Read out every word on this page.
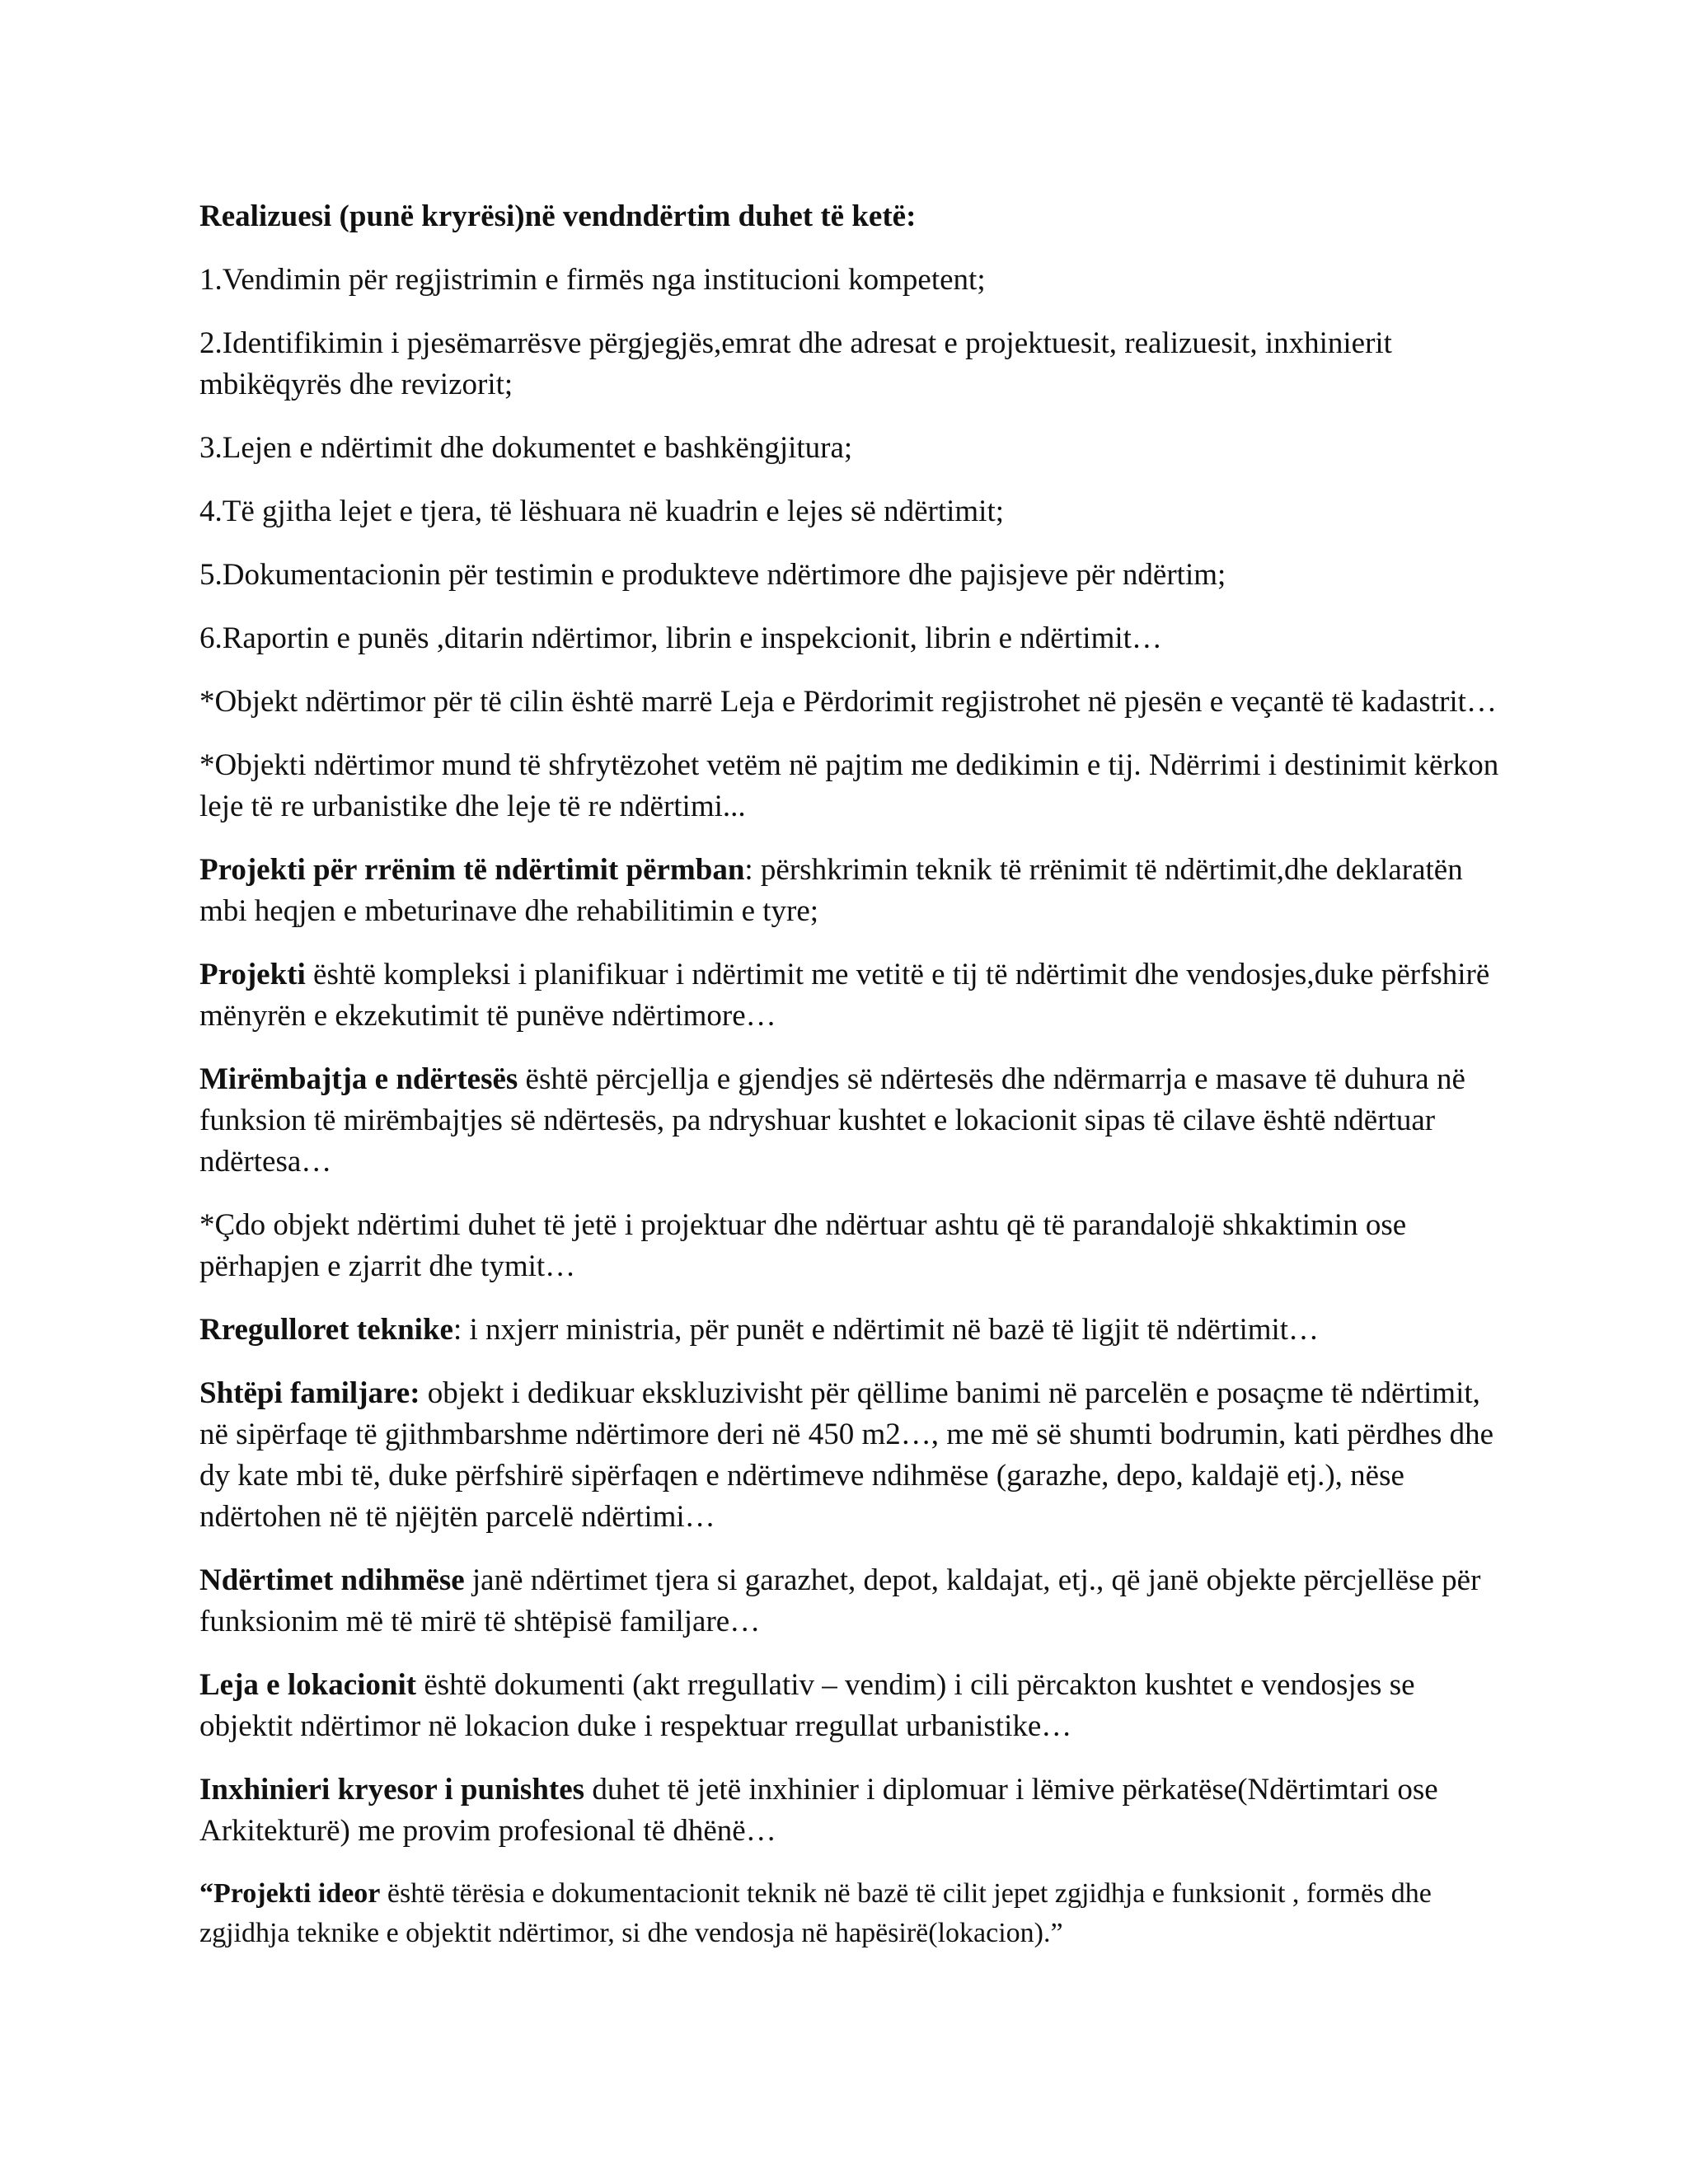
Realizuesi (punë kryrësi)në vendndërtim duhet të ketë:

1.Vendimin për regjistrimin e firmës nga institucioni kompetent;

2.Identifikimin i pjesëmarrësve përgjegjës,emrat dhe adresat e projektuesit, realizuesit, inxhinierit mbikëqyrës dhe revizorit;

3.Lejen e ndërtimit dhe dokumentet e bashkëngjitura;

4.Të gjitha lejet e tjera, të lëshuara në kuadrin e lejes së ndërtimit;

5.Dokumentacionin për testimin e produkteve ndërtimore dhe pajisjeve për ndërtim;

6.Raportin e punës ,ditarin ndërtimor, librin e inspekcionit, librin e ndërtimit…

*Objekt ndërtimor për të cilin është marrë Leja e Përdorimit regjistrohet në pjesën e veçantë të kadastrit…

*Objekti ndërtimor mund të shfrytëzohet vetëm në pajtim me dedikimin e tij. Ndërrimi i destinimit kërkon leje të re urbanistike dhe leje të re ndërtimi...

Projekti për rrënim të ndërtimit përmban: përshkrimin teknik të rrënimit të ndërtimit,dhe deklaratën mbi heqjen e mbeturinave dhe rehabilitimin e tyre;

Projekti është kompleksi i planifikuar i ndërtimit me vetitë e tij të ndërtimit dhe vendosjes,duke përfshirë mënyrën e ekzekutimit të punëve ndërtimore…

Mirëmbajtja e ndërtesës është përcjellja e gjendjes së ndërtesës dhe ndërmarrja e masave të duhura në funksion të mirëmbajtjes së ndërtesës, pa ndryshuar kushtet e lokacionit sipas të cilave është ndërtuar ndërtesa…

*Çdo objekt ndërtimi duhet të jetë i projektuar dhe ndërtuar ashtu që të parandalojë shkaktimin ose përhapjen e zjarrit dhe tymit…

Rregulloret teknike: i nxjerr ministria, për punët e ndërtimit në bazë të ligjit të ndërtimit…

Shtëpi familjare: objekt i dedikuar ekskluzivisht për qëllime banimi në parcelën e posaçme të ndërtimit, në sipërfaqe të gjithmbarshme ndërtimore deri në 450 m2…, me më së shumti bodrumin, kati përdhes dhe dy kate mbi të, duke përfshirë sipërfaqen e ndërtimeve ndihmëse (garazhe, depo, kaldajë etj.), nëse ndërtohen në të njëjtën parcelë ndërtimi…

Ndërtimet ndihmëse janë ndërtimet tjera si garazhet, depot, kaldajat, etj., që janë objekte përcjellëse për funksionim më të mirë të shtëpisë familjare…

Leja e lokacionit është dokumenti (akt rregullativ – vendim) i cili përcakton kushtet e vendosjes se objektit ndërtimor në lokacion duke i respektuar rregullat urbanistike…

Inxhinieri kryesor i punishtes duhet të jetë inxhinier i diplomuar i lëmive përkatëse(Ndërtimtari ose Arkitekturë) me provim profesional të dhënë…

“Projekti ideor është tërësia e dokumentacionit teknik në bazë të cilit jepet zgjidhja e funksionit , formës dhe zgjidhja teknike e objektit ndërtimor, si dhe vendosja në hapësirë(lokacion).”
